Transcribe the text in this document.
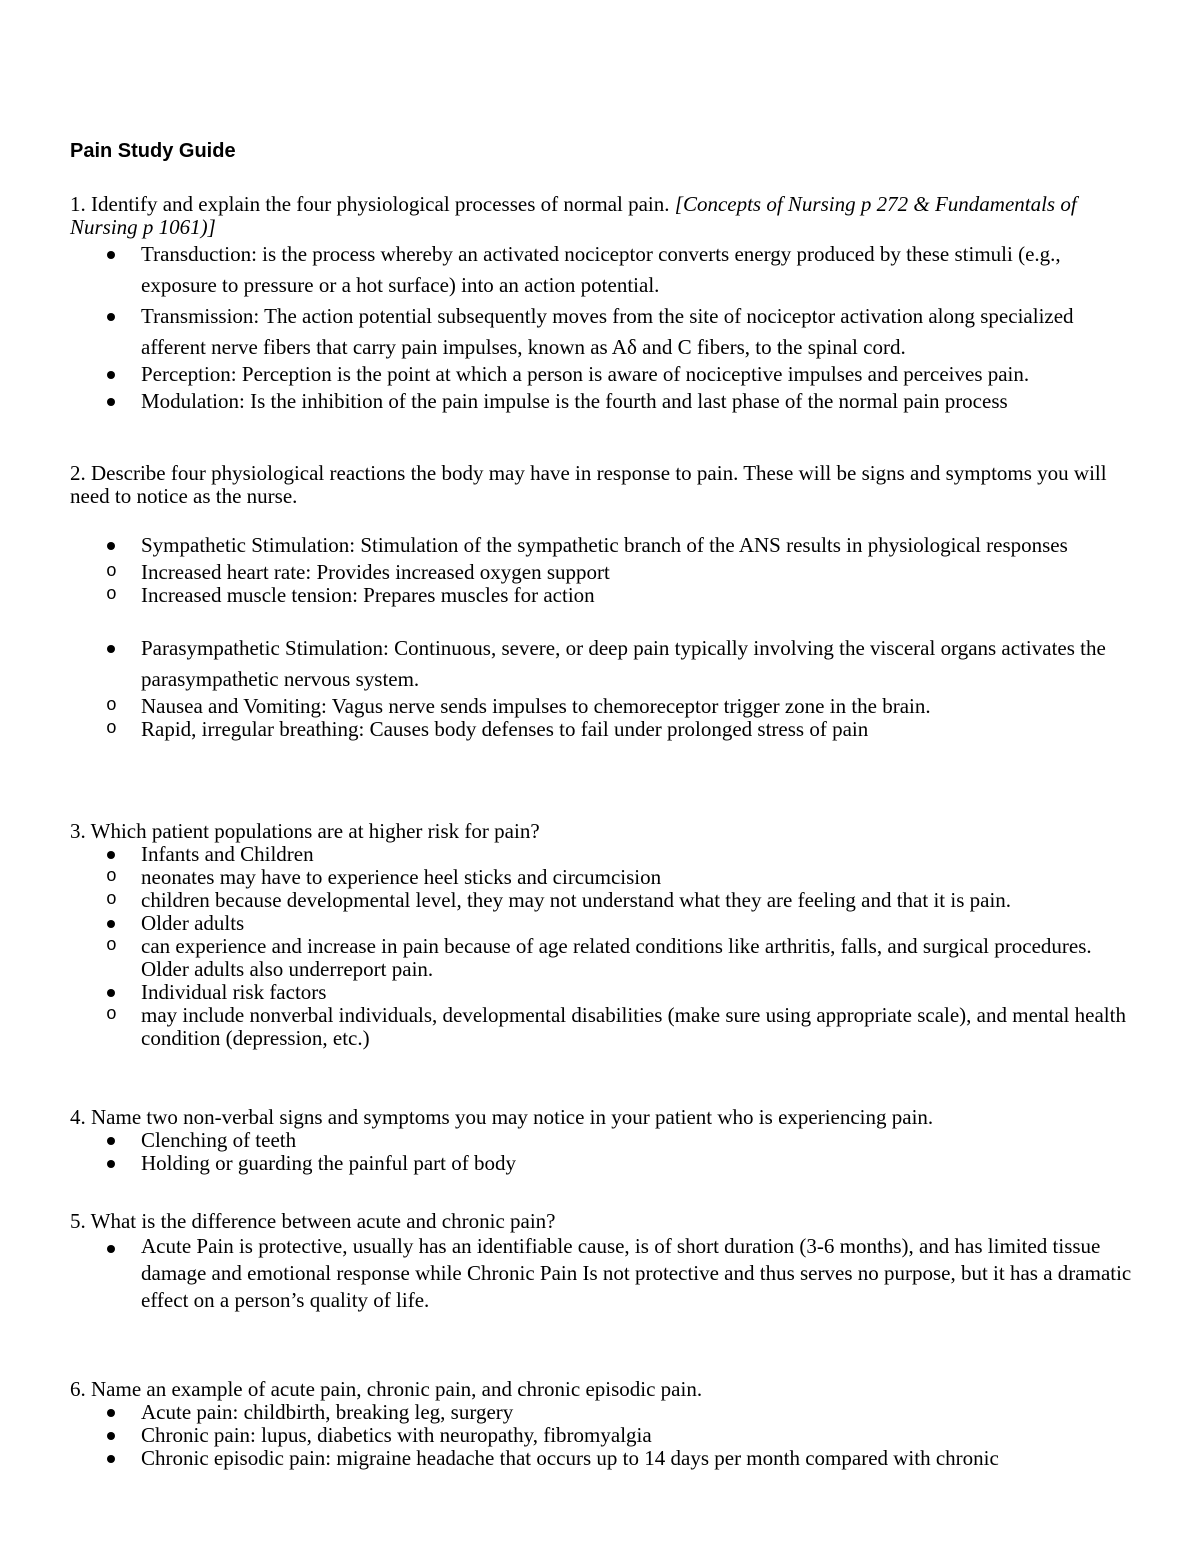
Pain Study Guide

1. Identify and explain the four physiological processes of normal pain. [Concepts of Nursing p 272 & Fundamentals of Nursing p 1061)]

Transduction: is the process whereby an activated nociceptor converts energy produced by these stimuli (e.g., exposure to pressure or a hot surface) into an action potential.
Transmission: The action potential subsequently moves from the site of nociceptor activation along specialized afferent nerve fibers that carry pain impulses, known as Aδ and C fibers, to the spinal cord.
Perception: Perception is the point at which a person is aware of nociceptive impulses and perceives pain.
Modulation: Is the inhibition of the pain impulse is the fourth and last phase of the normal pain process

2. Describe four physiological reactions the body may have in response to pain. These will be signs and symptoms you will need to notice as the nurse.

Sympathetic Stimulation: Stimulation of the sympathetic branch of the ANS results in physiological responses
o Increased heart rate: Provides increased oxygen support
o Increased muscle tension: Prepares muscles for action
Parasympathetic Stimulation: Continuous, severe, or deep pain typically involving the visceral organs activates the parasympathetic nervous system.
o Nausea and Vomiting: Vagus nerve sends impulses to chemoreceptor trigger zone in the brain.
o Rapid, irregular breathing: Causes body defenses to fail under prolonged stress of pain

3. Which patient populations are at higher risk for pain?

Infants and Children
o neonates may have to experience heel sticks and circumcision
o children because developmental level, they may not understand what they are feeling and that it is pain.
Older adults
o can experience and increase in pain because of age related conditions like arthritis, falls, and surgical procedures. Older adults also underreport pain.
Individual risk factors
o may include nonverbal individuals, developmental disabilities (make sure using appropriate scale), and mental health condition (depression, etc.)

4. Name two non-verbal signs and symptoms you may notice in your patient who is experiencing pain.

Clenching of teeth
Holding or guarding the painful part of body

5. What is the difference between acute and chronic pain?

Acute Pain is protective, usually has an identifiable cause, is of short duration (3-6 months), and has limited tissue damage and emotional response while Chronic Pain Is not protective and thus serves no purpose, but it has a dramatic effect on a person’s quality of life.

6. Name an example of acute pain, chronic pain, and chronic episodic pain.

Acute pain: childbirth, breaking leg, surgery
Chronic pain: lupus, diabetics with neuropathy, fibromyalgia
Chronic episodic pain: migraine headache that occurs up to 14 days per month compared with chronic
